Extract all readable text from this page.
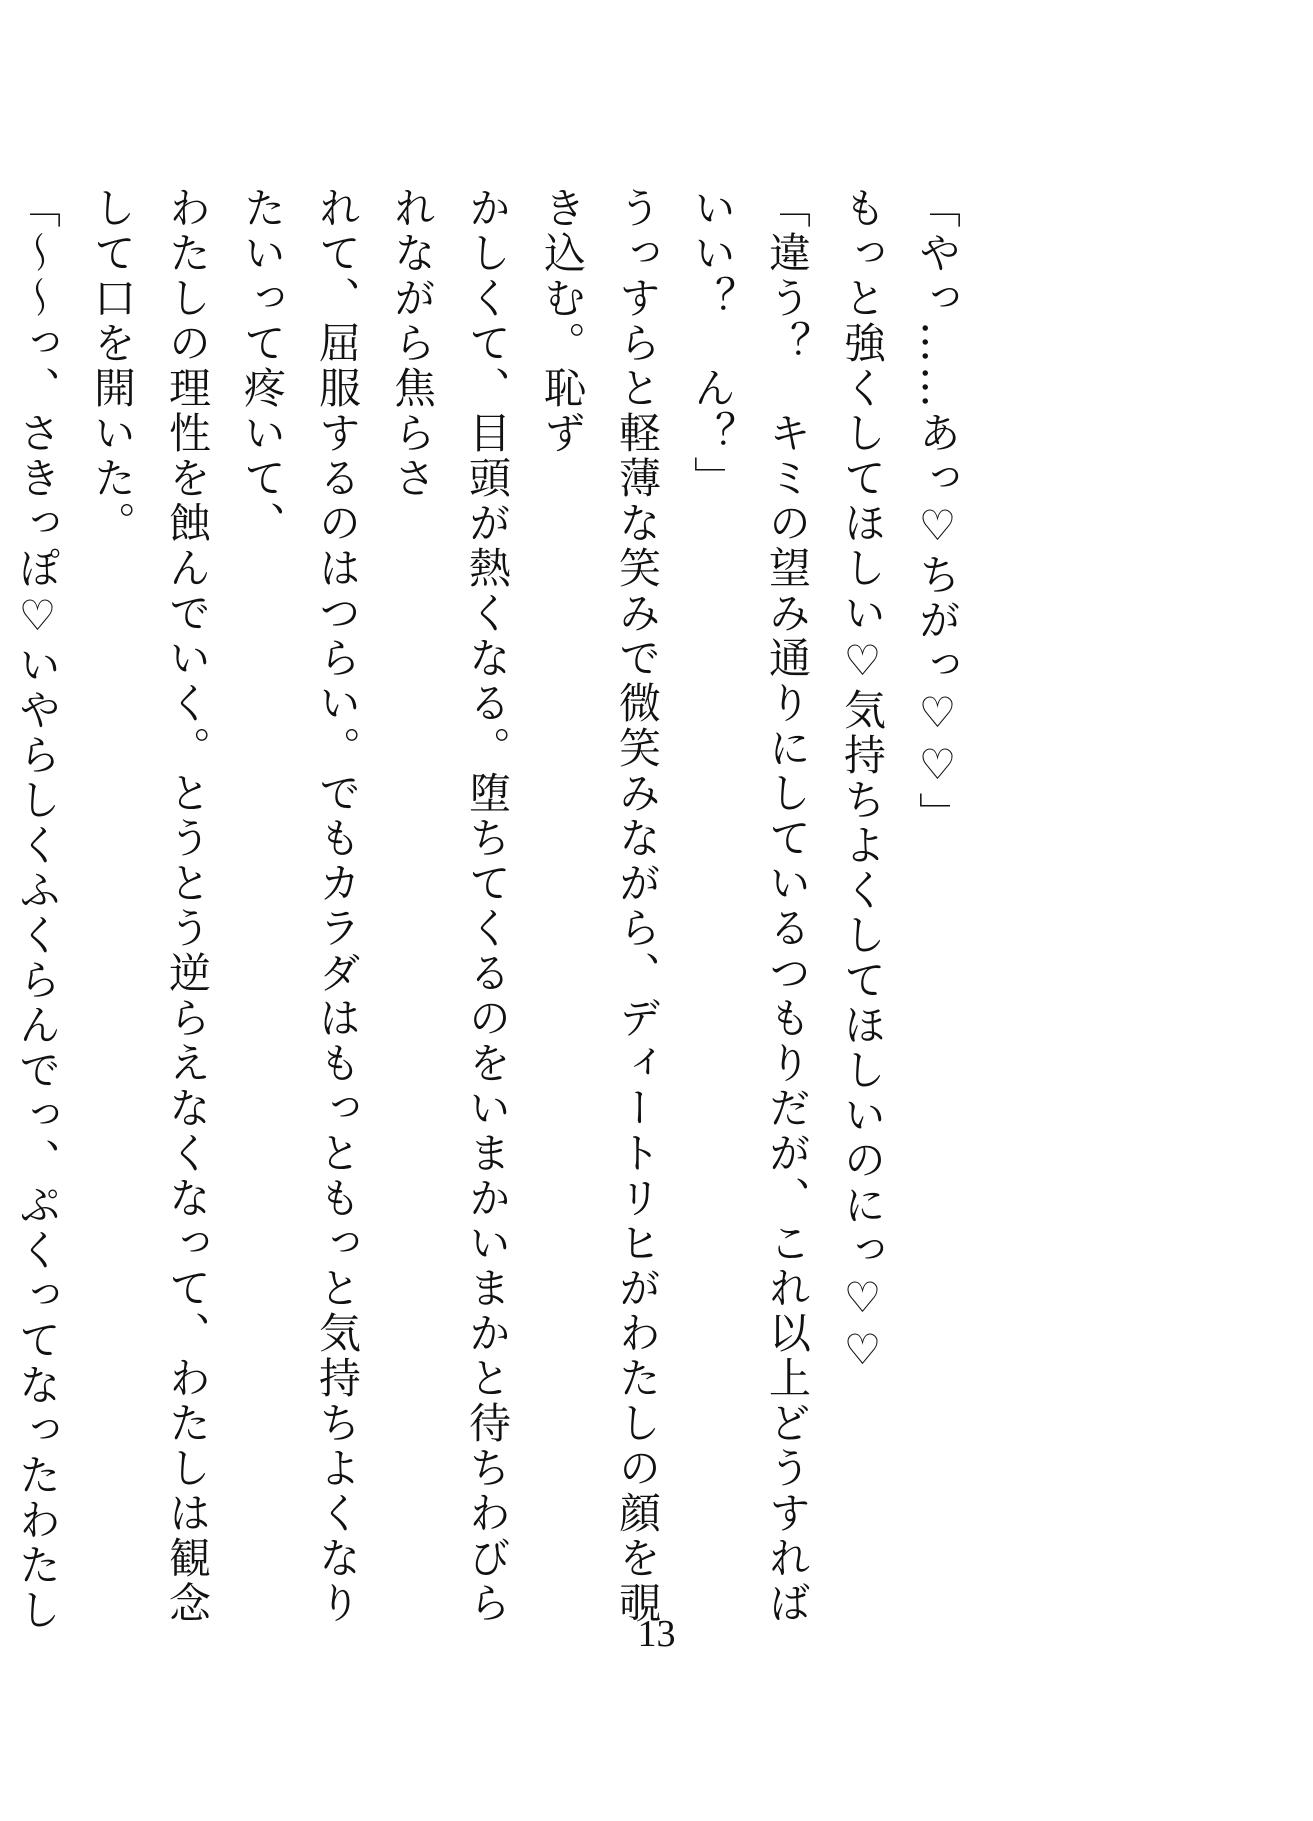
「やっ……あっ♡ちがっ♡♡」

もっと強くしてほしい♡気持ちよくしてほしいのにっ♡♡

「違う？　キミの望み通りにしているつもりだが、これ以上どうすればいい？　ん？」

うっすらと軽薄な笑みで微笑みながら、ディートリヒがわたしの顔を覗き込む。恥ず

かしくて、目頭が熱くなる。堕ちてくるのをいまかいまかと待ちわびられながら焦らさ

れて、屈服するのはつらい。でもカラダはもっともっと気持ちよくなりたいって疼いて、

わたしの理性を蝕んでいく。とうとう逆らえなくなって、わたしは観念して口を開いた。

「～～っ、さきっぽ♡いやらしくふくらんでっ、ぷくってなったわたし

13
